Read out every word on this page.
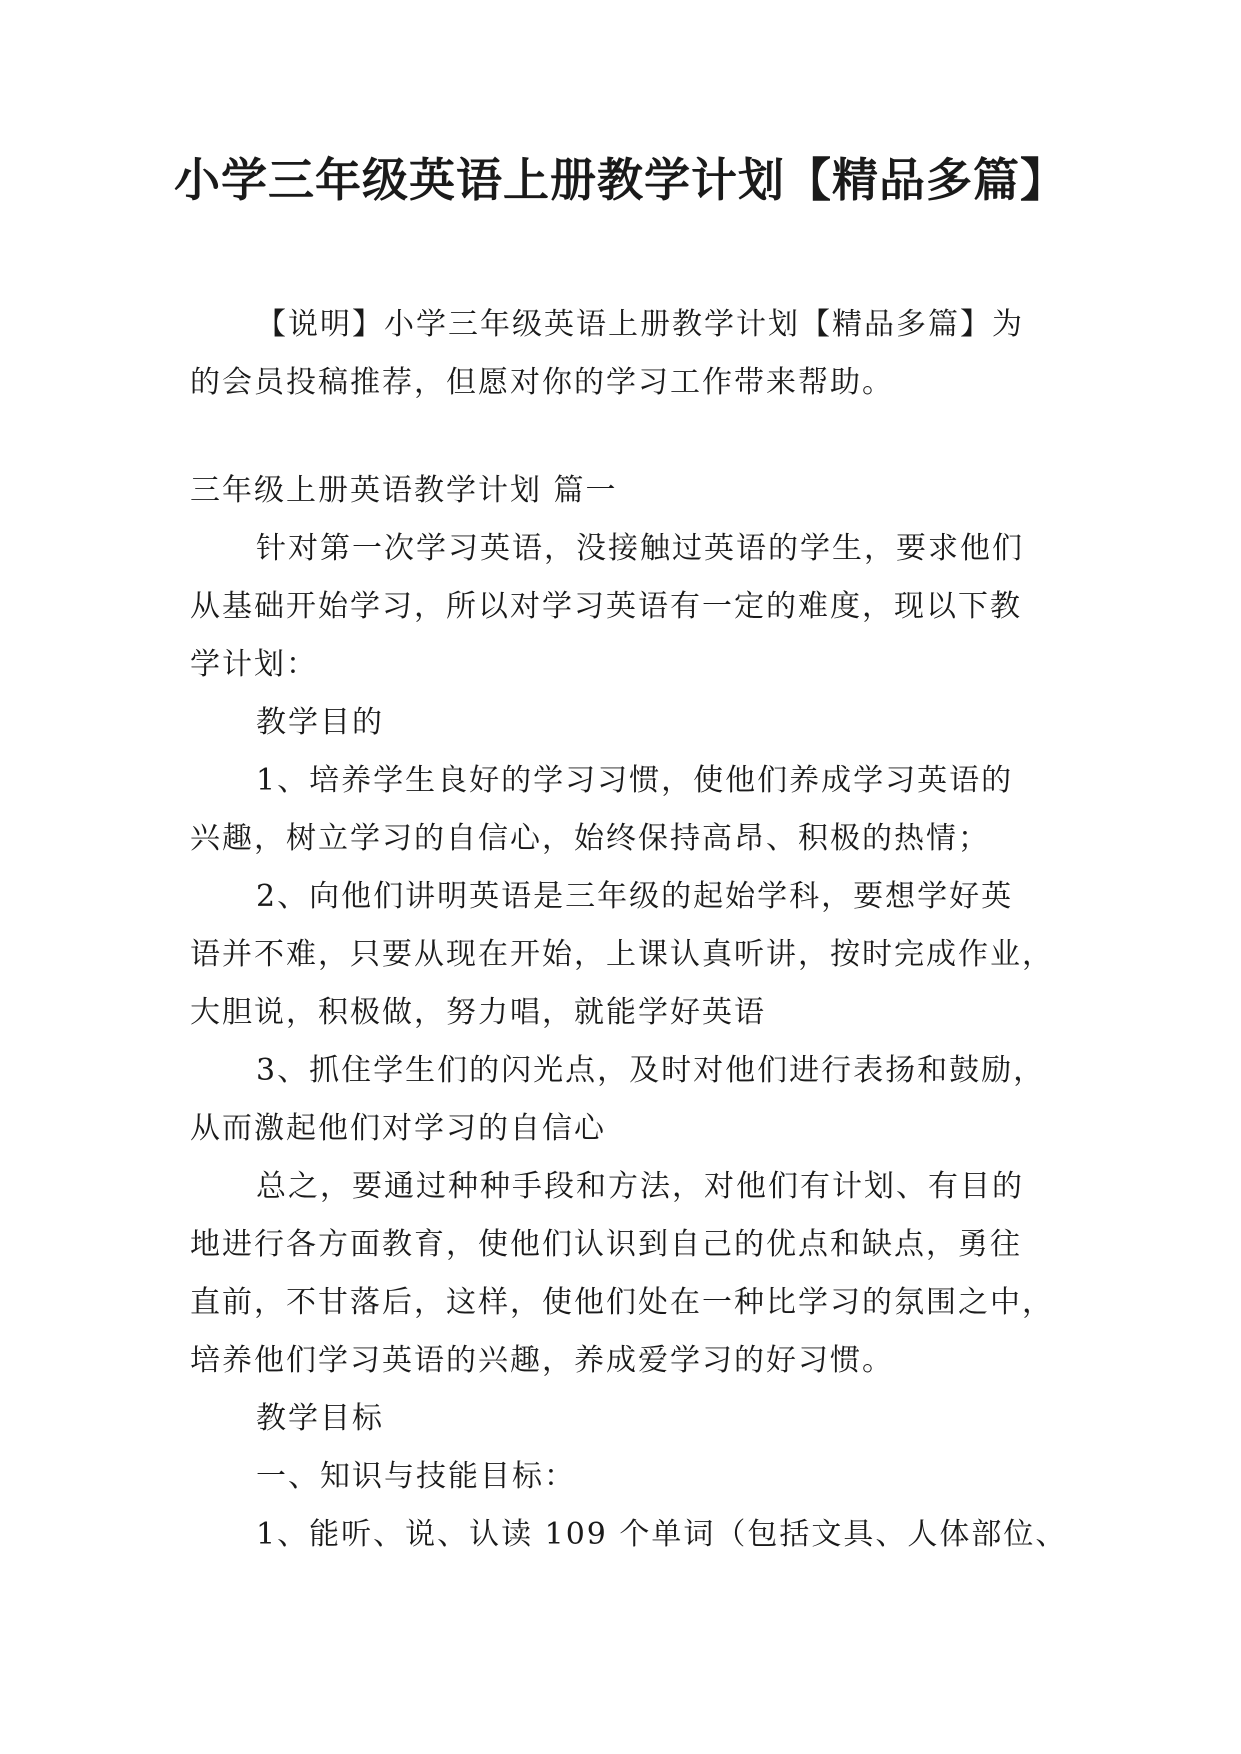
小学三年级英语上册教学计划【精品多篇】
【说明】小学三年级英语上册教学计划【精品多篇】为
的会员投稿推荐，但愿对你的学习工作带来帮助。
三年级上册英语教学计划 篇一
针对第一次学习英语，没接触过英语的学生，要求他们
从基础开始学习，所以对学习英语有一定的难度，现以下教
学计划：
教学目的
1、培养学生良好的学习习惯，使他们养成学习英语的
兴趣，树立学习的自信心，始终保持高昂、积极的热情；
2、向他们讲明英语是三年级的起始学科，要想学好英
语并不难，只要从现在开始，上课认真听讲，按时完成作业，
大胆说，积极做，努力唱，就能学好英语
3、抓住学生们的闪光点，及时对他们进行表扬和鼓励，
从而激起他们对学习的自信心
总之，要通过种种手段和方法，对他们有计划、有目的
地进行各方面教育，使他们认识到自己的优点和缺点，勇往
直前，不甘落后，这样，使他们处在一种比学习的氛围之中，
培养他们学习英语的兴趣，养成爱学习的好习惯。
教学目标
一、知识与技能目标：
1、能听、说、认读 109 个单词（包括文具、人体部位、
